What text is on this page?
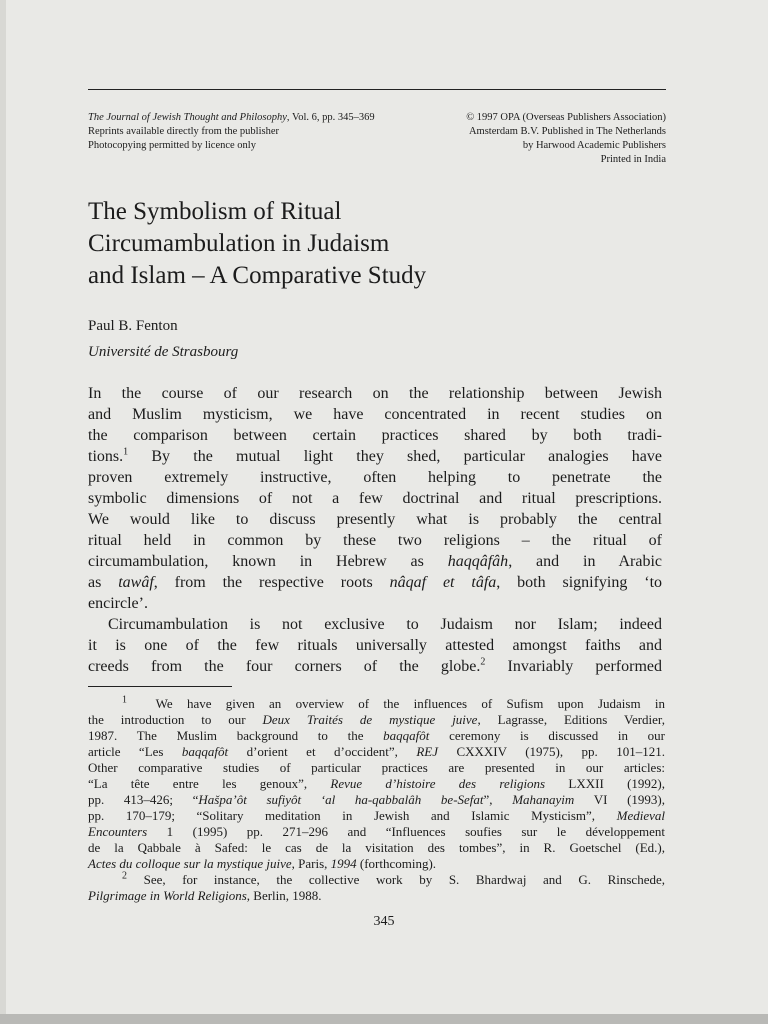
The Journal of Jewish Thought and Philosophy, Vol. 6, pp. 345–369
Reprints available directly from the publisher
Photocopying permitted by licence only
© 1997 OPA (Overseas Publishers Association)
Amsterdam B.V. Published in The Netherlands
by Harwood Academic Publishers
Printed in India
The Symbolism of Ritual
Circumambulation in Judaism
and Islam – A Comparative Study
Paul B. Fenton
Université de Strasbourg
In the course of our research on the relationship between Jewish
and Muslim mysticism, we have concentrated in recent studies on
the comparison between certain practices shared by both tradi-
tions.$^1$ By the mutual light they shed, particular analogies have
proven extremely instructive, often helping to penetrate the
symbolic dimensions of not a few doctrinal and ritual prescriptions.
We would like to discuss presently what is probably the central
ritual held in common by these two religions – the ritual of
circumambulation, known in Hebrew as haqqâfâh, and in Arabic
as tawâf, from the respective roots nâqaf et tâfa, both signifying ‘to
encircle’.
Circumambulation is not exclusive to Judaism nor Islam; indeed
it is one of the few rituals universally attested amongst faiths and
creeds from the four corners of the globe.$^2$ Invariably performed
$^1$ We have given an overview of the influences of Sufism upon Judaism in
the introduction to our Deux Traités de mystique juive, Lagrasse, Editions Verdier,
1987. The Muslim background to the baqqafôt ceremony is discussed in our
article “Les baqqafôt d’orient et d’occident”, REJ CXXXIV (1975), pp. 101–121.
Other comparative studies of particular practices are presented in our articles:
“La tête entre les genoux”, Revue d’histoire des religions LXXII (1992),
pp. 413–426; “Hašpa’ôt sufiyôt ‘al ha-qabbalâh be-Sefat”, Mahanayim VI (1993),
pp. 170–179; “Solitary meditation in Jewish and Islamic Mysticism”, Medieval
Encounters 1 (1995) pp. 271–296 and “Influences soufies sur le développement
de la Qabbale à Safed: le cas de la visitation des tombes”, in R. Goetschel (Ed.),
Actes du colloque sur la mystique juive, Paris, 1994 (forthcoming).
$^2$ See, for instance, the collective work by S. Bhardwaj and G. Rinschede,
Pilgrimage in World Religions, Berlin, 1988.
345
